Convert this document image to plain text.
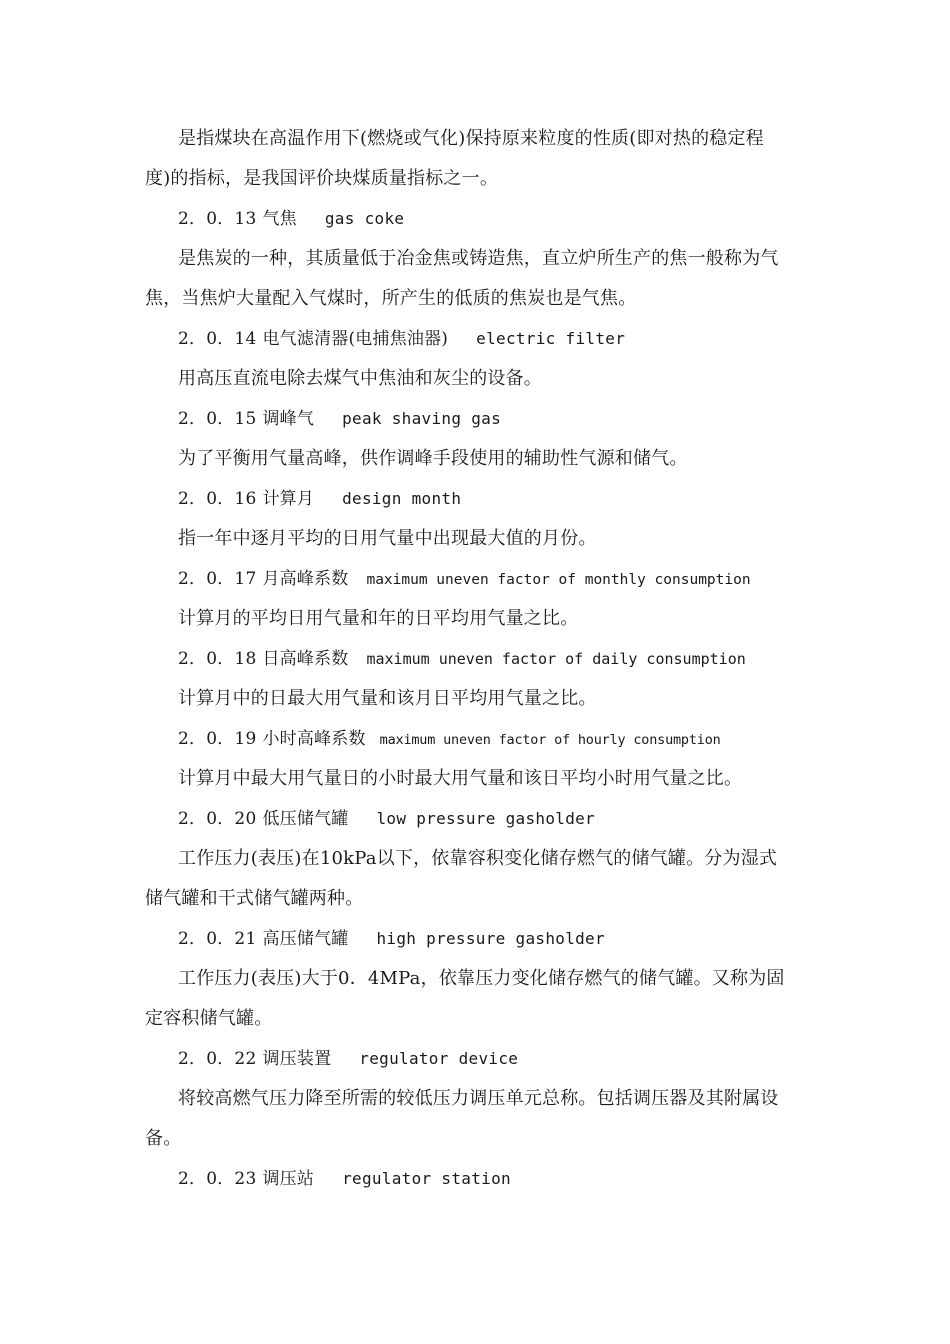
是指煤块在高温作用下(燃烧或气化)保持原来粒度的性质(即对热的稳定程
度)的指标，是我国评价块煤质量指标之一。
2．0．13 气焦 gas coke
是焦炭的一种，其质量低于冶金焦或铸造焦，直立炉所生产的焦一般称为气
焦，当焦炉大量配入气煤时，所产生的低质的焦炭也是气焦。
2．0．14 电气滤清器(电捕焦油器) electric filter
用高压直流电除去煤气中焦油和灰尘的设备。
2．0．15 调峰气 peak shaving gas
为了平衡用气量高峰，供作调峰手段使用的辅助性气源和储气。
2．0．16 计算月 design month
指一年中逐月平均的日用气量中出现最大值的月份。
2．0．17 月高峰系数 maximum uneven factor of monthly consumption
计算月的平均日用气量和年的日平均用气量之比。
2．0．18 日高峰系数 maximum uneven factor of daily consumption
计算月中的日最大用气量和该月日平均用气量之比。
2．0．19 小时高峰系数 maximum uneven factor of hourly consumption
计算月中最大用气量日的小时最大用气量和该日平均小时用气量之比。
2．0．20 低压储气罐 low pressure gasholder
工作压力(表压)在10kPa以下，依靠容积变化储存燃气的储气罐。分为湿式
储气罐和干式储气罐两种。
2．0．21 高压储气罐 high pressure gasholder
工作压力(表压)大于0．4MPa，依靠压力变化储存燃气的储气罐。又称为固
定容积储气罐。
2．0．22 调压装置 regulator device
将较高燃气压力降至所需的较低压力调压单元总称。包括调压器及其附属设
备。
2．0．23 调压站 regulator station
